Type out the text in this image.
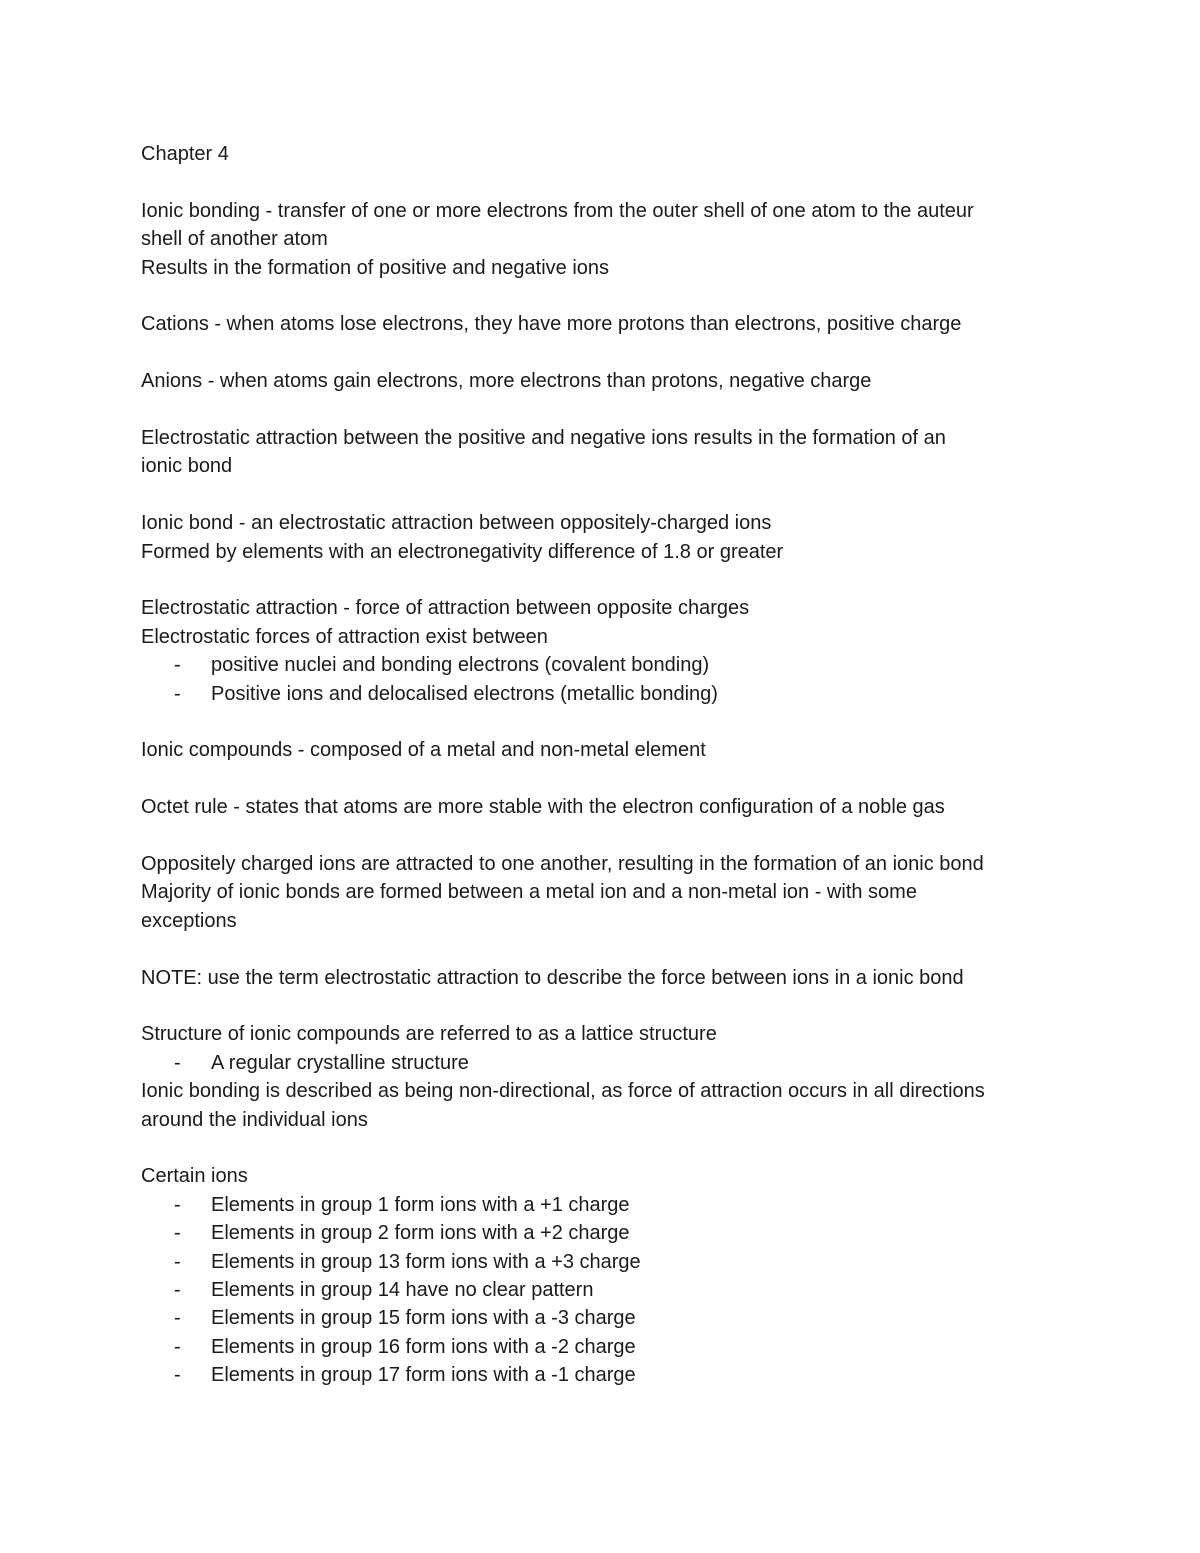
Chapter 4
Ionic bonding - transfer of one or more electrons from the outer shell of one atom to the auteur
shell of another atom
Results in the formation of positive and negative ions
Cations - when atoms lose electrons, they have more protons than electrons, positive charge
Anions - when atoms gain electrons, more electrons than protons, negative charge
Electrostatic attraction between the positive and negative ions results in the formation of an
ionic bond
Ionic bond - an electrostatic attraction between oppositely-charged ions
Formed by elements with an electronegativity difference of 1.8 or greater
Electrostatic attraction - force of attraction between opposite charges
Electrostatic forces of attraction exist between
- positive nuclei and bonding electrons (covalent bonding)
- Positive ions and delocalised electrons (metallic bonding)
Ionic compounds - composed of a metal and non-metal element
Octet rule - states that atoms are more stable with the electron configuration of a noble gas
Oppositely charged ions are attracted to one another, resulting in the formation of an ionic bond
Majority of ionic bonds are formed between a metal ion and a non-metal ion - with some
exceptions
NOTE: use the term electrostatic attraction to describe the force between ions in a ionic bond
Structure of ionic compounds are referred to as a lattice structure
- A regular crystalline structure
Ionic bonding is described as being non-directional, as force of attraction occurs in all directions
around the individual ions
Certain ions
- Elements in group 1 form ions with a +1 charge
- Elements in group 2 form ions with a +2 charge
- Elements in group 13 form ions with a +3 charge
- Elements in group 14 have no clear pattern
- Elements in group 15 form ions with a -3 charge
- Elements in group 16 form ions with a -2 charge
- Elements in group 17 form ions with a -1 charge
